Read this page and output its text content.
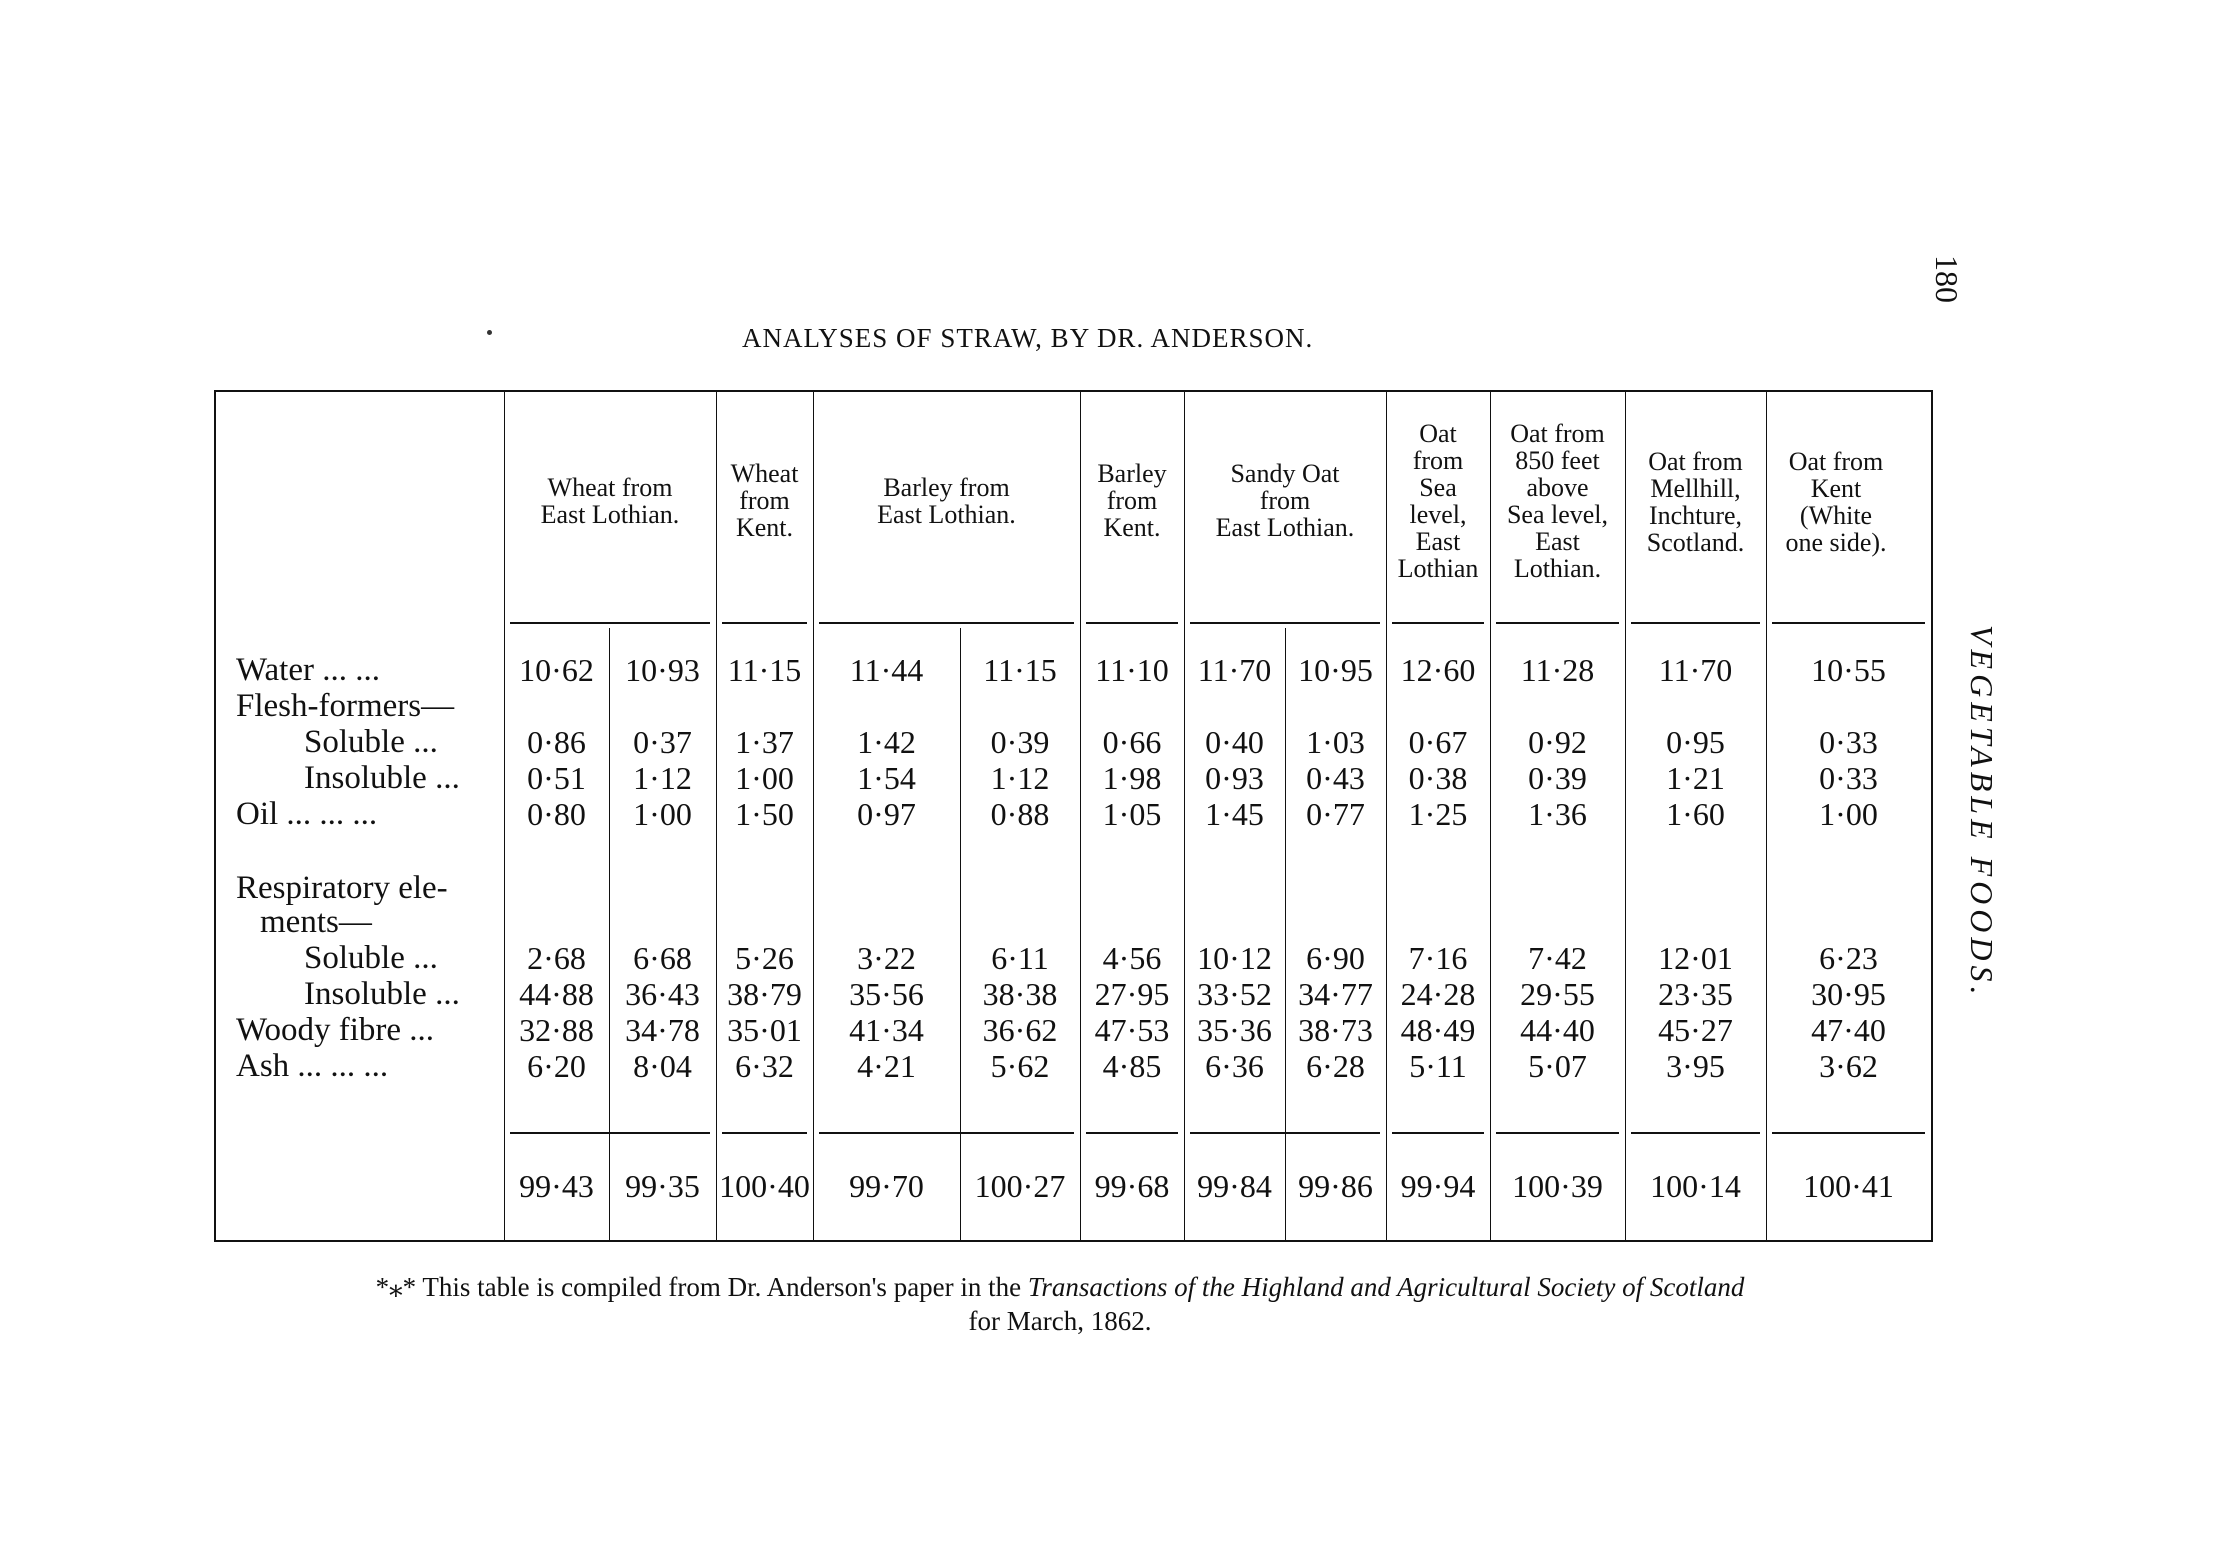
180
VEGETABLE FOODS.
ANALYSES OF STRAW, BY DR. ANDERSON.
Wheat from
East Lothian.
Wheat
from
Kent.
Barley from
East Lothian.
Barley
from
Kent.
Sandy Oat
from
East Lothian.
Oat
from
Sea
level,
East
Lothian
Oat from
850 feet
above
Sea level,
East
Lothian.
Oat from
Mellhill,
Inchture,
Scotland.
Oat from
Kent
(White
one side).
Water ... ...
Flesh-formers—
Soluble ...
Insoluble ...
Oil ... ... ...
Respiratory ele-
ments—
Soluble ...
Insoluble ...
Woody fibre ...
Ash ... ... ...
10·62
0·86
0·51
0·80
2·68
44·88
32·88
6·20
99·43
10·93
0·37
1·12
1·00
6·68
36·43
34·78
8·04
99·35
11·15
1·37
1·00
1·50
5·26
38·79
35·01
6·32
100·40
11·44
1·42
1·54
0·97
3·22
35·56
41·34
4·21
99·70
11·15
0·39
1·12
0·88
6·11
38·38
36·62
5·62
100·27
11·10
0·66
1·98
1·05
4·56
27·95
47·53
4·85
99·68
11·70
0·40
0·93
1·45
10·12
33·52
35·36
6·36
99·84
10·95
1·03
0·43
0·77
6·90
34·77
38·73
6·28
99·86
12·60
0·67
0·38
1·25
7·16
24·28
48·49
5·11
99·94
11·28
0·92
0·39
1·36
7·42
29·55
44·40
5·07
100·39
11·70
0·95
1·21
1·60
12·01
23·35
45·27
3·95
100·14
10·55
0·33
0·33
1·00
6·23
30·95
47·40
3·62
100·41
*⁎* This table is compiled from Dr. Anderson's paper in the Transactions of the Highland and Agricultural Society of Scotland
for March, 1862.
